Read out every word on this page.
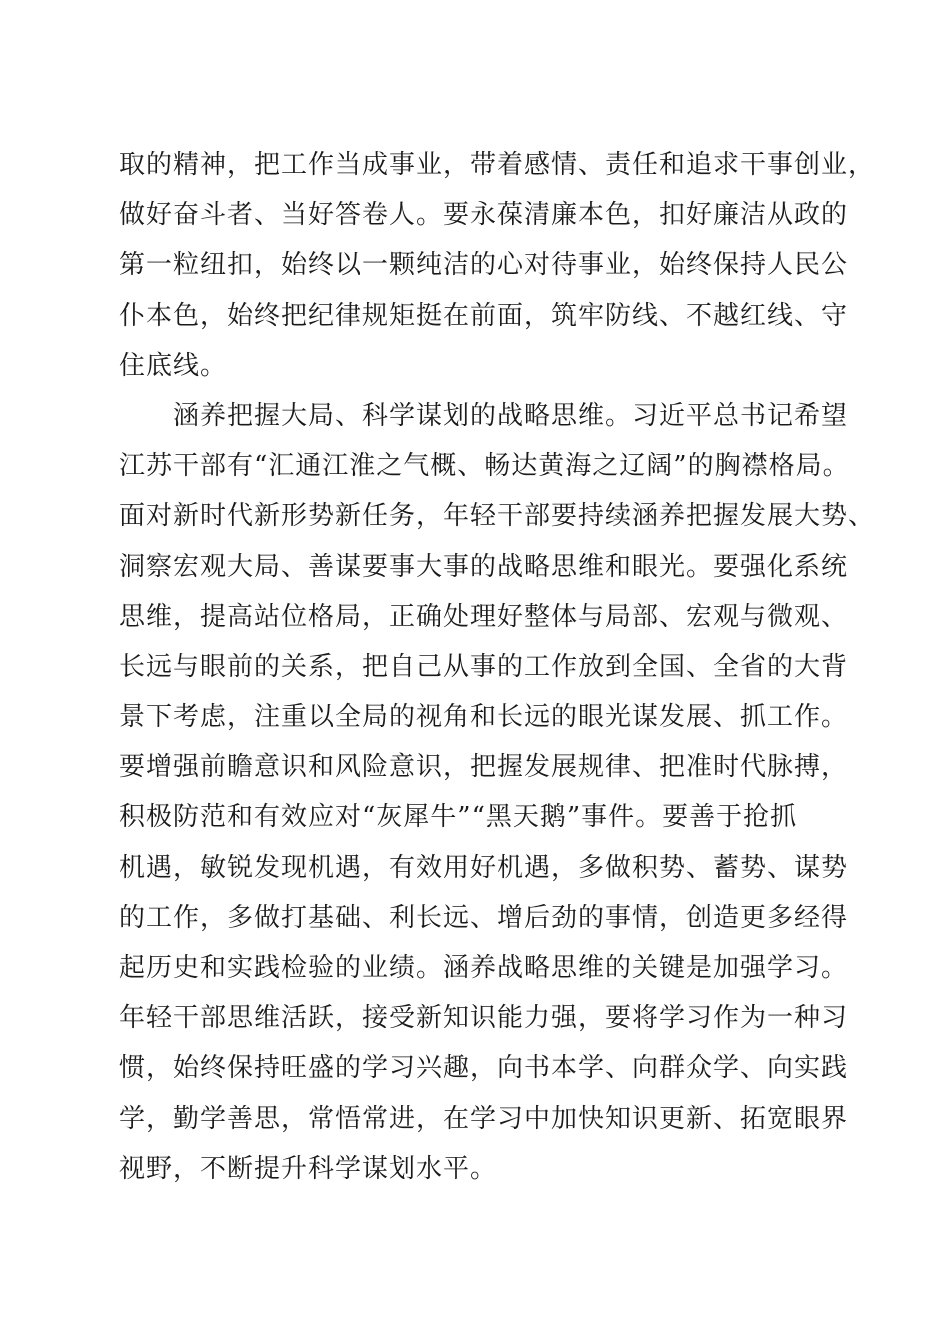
取的精神，把工作当成事业，带着感情、责任和追求干事创业，
做好奋斗者、当好答卷人。要永葆清廉本色，扣好廉洁从政的
第一粒纽扣，始终以一颗纯洁的心对待事业，始终保持人民公
仆本色，始终把纪律规矩挺在前面，筑牢防线、不越红线、守
住底线。
　　涵养把握大局、科学谋划的战略思维。习近平总书记希望
江苏干部有“汇通江淮之气概、畅达黄海之辽阔”的胸襟格局。
面对新时代新形势新任务，年轻干部要持续涵养把握发展大势、
洞察宏观大局、善谋要事大事的战略思维和眼光。要强化系统
思维，提高站位格局，正确处理好整体与局部、宏观与微观、
长远与眼前的关系，把自己从事的工作放到全国、全省的大背
景下考虑，注重以全局的视角和长远的眼光谋发展、抓工作。
要增强前瞻意识和风险意识，把握发展规律、把准时代脉搏，
积极防范和有效应对“灰犀牛”“黑天鹅”事件。要善于抢抓
机遇，敏锐发现机遇，有效用好机遇，多做积势、蓄势、谋势
的工作，多做打基础、利长远、增后劲的事情，创造更多经得
起历史和实践检验的业绩。涵养战略思维的关键是加强学习。
年轻干部思维活跃，接受新知识能力强，要将学习作为一种习
惯，始终保持旺盛的学习兴趣，向书本学、向群众学、向实践
学，勤学善思，常悟常进，在学习中加快知识更新、拓宽眼界
视野，不断提升科学谋划水平。
